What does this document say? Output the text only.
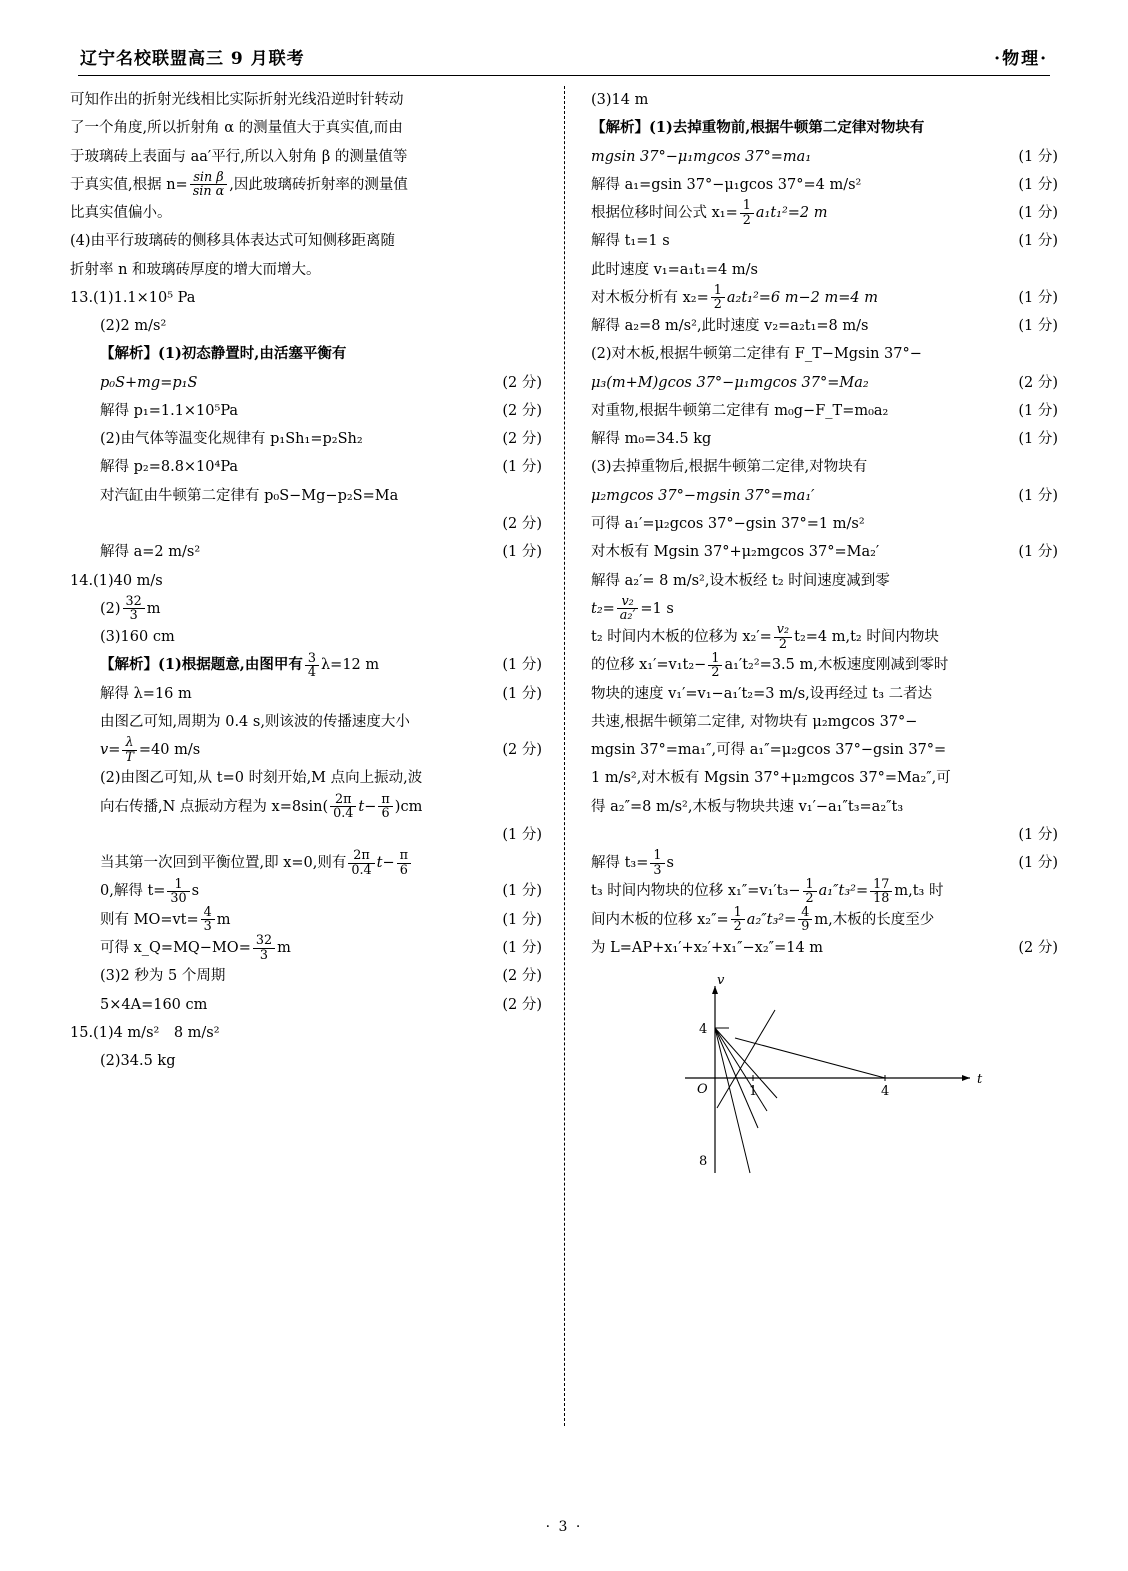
辽宁名校联盟高三 9 月联考	·物理·
可知作出的折射光线相比实际折射光线沿逆时针转动
了一个角度,所以折射角 α 的测量值大于真实值,而由
于玻璃砖上表面与 aa′平行,所以入射角 β 的测量值等
于真实值,根据 $n= \frac{\text{sin β}}{\text{sin α}}$ ,因此玻璃砖折射率的测量值
比真实值偏小。
(4)由平行玻璃砖的侧移具体表达式可知侧移距离随
折射率 n 和玻璃砖厚度的增大而增大。
13.(1)1.1×10⁵ Pa
(2)2 m/s²
【解析】(1)初态静置时,由活塞平衡有
p₀S+mg=p₁S	(2 分)
解得 p₁=1.1×10⁵Pa	(2 分)
(2)由气体等温变化规律有 p₁Sh₁=p₂Sh₂	(2 分)
解得 p₂=8.8×10⁴Pa	(1 分)
对汽缸由牛顿第二定律有 p₀S−Mg−p₂S=Ma
(2 分)
解得 a=2 m/s²	(1 分)
14.(1)40 m/s
$(2) \frac{32}{3}$ m
(3)160 cm
【解析】(1)根据题意,由图甲有 $\frac{3}{4} \lambda=12$ m	(1 分)
解得 λ=16 m	(1 分)
由图乙可知,周期为 0.4 s,则该波的传播速度大小
$v= \frac{\lambda}{T} =40$ m/s	(2 分)
(2)由图乙可知,从 t=0 时刻开始,M 点向上振动,波
向右传播,N 点振动方程为 $x=8\sin( \frac{2\pi}{0.4} t- \frac{\pi}{6} )cm$
(1 分)
当其第一次回到平衡位置,即 x=0,则有 $\frac{2\pi}{0.4} t- \frac{\pi}{6}$
0,解得 $t= \frac{1}{30}$ s	(1 分)
则有 $MO=vt= \frac{4}{3}$ m	(1 分)
可得 x_Q=MQ−MO= $\frac{32}{3}$ m	(1 分)
(3)2 秒为 5 个周期	(2 分)
5×4A=160 cm	(2 分)
15.(1)4 m/s²　8 m/s²
(2)34.5 kg
(3)14 m
【解析】(1)去掉重物前,根据牛顿第二定律对物块有
mgsin 37°−μ₁mgcos 37°=ma₁	(1 分)
解得 a₁=gsin 37°−μ₁gcos 37°=4 m/s²	(1 分)
根据位移时间公式 $x_1= \frac{1}{2} a_1t_1^2=2$ m	(1 分)
解得 t₁=1 s	(1 分)
此时速度 v₁=a₁t₁=4 m/s
对木板分析有 $x_2= \frac{1}{2} a_2t_1^2=6$ m−2 m=4 m	(1 分)
解得 a₂=8 m/s²,此时速度 v₂=a₂t₁=8 m/s	(1 分)
(2)对木板,根据牛顿第二定律有 F_T−Mgsin 37°−
μ₃(m+M)gcos 37°−μ₁mgcos 37°=Ma₂	(2 分)
对重物,根据牛顿第二定律有 m₀g−F_T=m₀a₂	(1 分)
解得 m₀=34.5 kg	(1 分)
(3)去掉重物后,根据牛顿第二定律,对物块有
μ₂mgcos 37°−mgsin 37°=ma₁′	(1 分)
可得 a₁′=μ₂gcos 37°−gsin 37°=1 m/s²
对木板有 Mgsin 37°+μ₂mgcos 37°=Ma₂′	(1 分)
解得 a₂′= 8 m/s²,设木板经 t₂ 时间速度减到零
$t_2= \frac{\text{v₂}}{\text{a₂′}} =1$ s
t₂ 时间内木板的位移为 $x_2'= \frac{\text{v₂}}{2} t_2=4$ m,t₂ 时间内物块
的位移 $x_1'=v_1t_2- \frac{1}{2} a_1't_2^2=3.5$ m,木板速度刚减到零时
物块的速度 v₁′=v₁−a₁′t₂=3 m/s,设再经过 t₃ 二者达
共速,根据牛顿第二定律, 对物块有 μ₂mgcos 37°−
mgsin 37°=ma₁″,可得 a₁″=μ₂gcos 37°−gsin 37°=
1 m/s²,对木板有 Mgsin 37°+μ₂mgcos 37°=Ma₂″,可
得 a₂″=8 m/s²,木板与物块共速 v₁′−a₁″t₃=a₂″t₃
(1 分)
解得 $t_3= \frac{1}{3}$ s	(1 分)
t₃ 时间内物块的位移 $x_1''=v_1't_3- \frac{1}{2} a_1''t_3^2= \frac{17}{18} m,t_3$ 时
间内木板的位移 $x_2''= \frac{1}{2} a_2''t_3^2= \frac{4}{9} m$,木板的长度至少
为 L=AP+x₁′+x₂′+x₁″−x₂″=14 m	(2 分)
v
t
O
4
8
1	4
· 3 ·
